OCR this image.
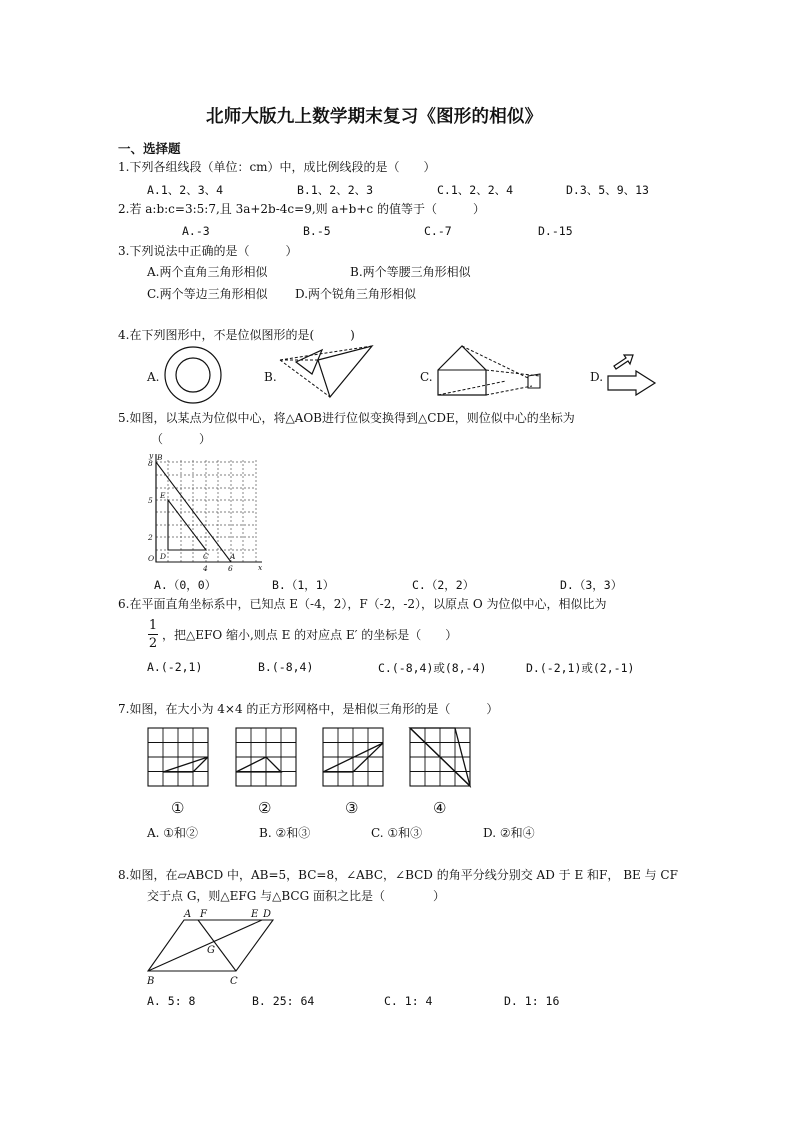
北师大版九上数学期末复习《图形的相似》
一、选择题
1.下列各组线段（单位：cm）中，成比例线段的是（　　）
A.1、2、3、4	B.1、2、2、3	C.1、2、2、4	D.3、5、9、13
2.若 a:b:c=3:5:7,且 3a+2b-4c=9,则 a+b+c 的值等于（　　　）
A.-3	B.-5	C.-7	D.-15
3.下列说法中正确的是（　　　）
A.两个直角三角形相似	B.两个等腰三角形相似
C.两个等边三角形相似 D.两个锐角三角形相似
4.在下列图形中，不是位似图形的是(　　　)
A.	B.	C.	D.
5.如图，以某点为位似中心，将△AOB进行位似变换得到△CDE，则位似中心的坐标为
（　　　）
y
x
B
8
5
E
2
O D	C	A
4	6
A.（0，0）	B.（1，1）	C.（2，2）	D.（3，3）
6.在平面直角坐标系中，已知点 E（-4，2），F（-2，-2），以原点 O 为位似中心，相似比为
1
2
，把△EFO 缩小,则点 E 的对应点 E′ 的坐标是（　　）
A.(-2,1)	B.(-8,4)	C.(-8,4)或(8,-4)	D.(-2,1)或(2,-1)
7.如图，在大小为 4×4 的正方形网格中，是相似三角形的是（　　　）
①	②	③	④
A. ①和②	B. ②和③	C. ①和③	D. ②和④
8.如图，在▱ABCD 中，AB=5，BC=8，∠ABC，∠BCD 的角平分线分别交 AD 于 E 和F， BE 与 CF
交于点 G，则△EFG 与△BCG 面积之比是（　　　　）
A F	E D
G
B	C
A. 5: 8	B. 25: 64	C. 1: 4	D. 1: 16
